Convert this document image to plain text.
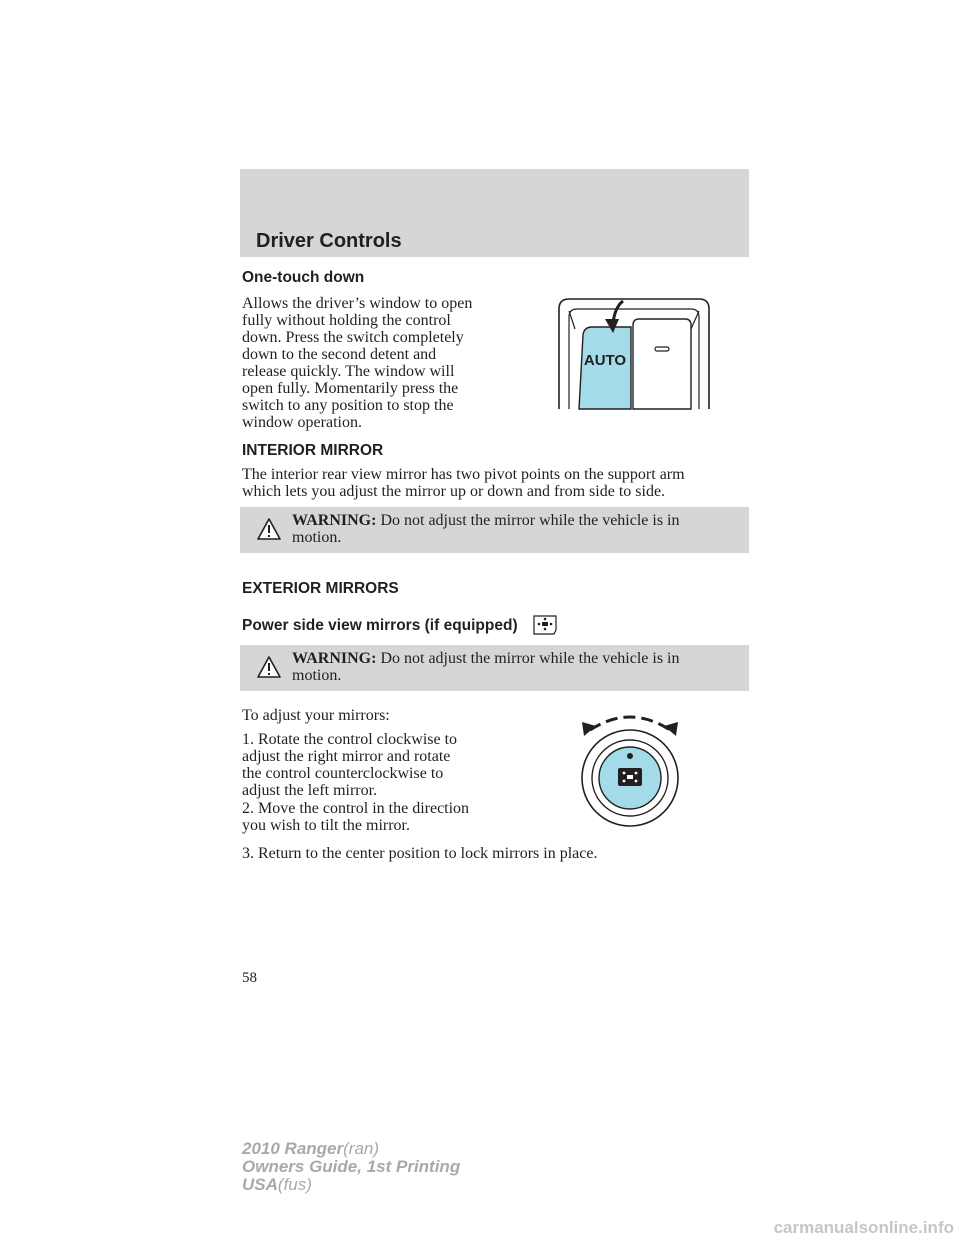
Driver Controls
One-touch down
Allows the driver’s window to open
fully without holding the control
down. Press the switch completely
down to the second detent and
release quickly. The window will
open fully. Momentarily press the
switch to any position to stop the
window operation.
AUTO
INTERIOR MIRROR
The interior rear view mirror has two pivot points on the support arm
which lets you adjust the mirror up or down and from side to side.
WARNING: Do not adjust the mirror while the vehicle is in
motion.
EXTERIOR MIRRORS
Power side view mirrors (if equipped)
WARNING: Do not adjust the mirror while the vehicle is in
motion.
To adjust your mirrors:
1. Rotate the control clockwise to
adjust the right mirror and rotate
the control counterclockwise to
adjust the left mirror.
2. Move the control in the direction
you wish to tilt the mirror.
3. Return to the center position to lock mirrors in place.
58
2010 Ranger(ran)
Owners Guide, 1st Printing
USA(fus)
carmanualsonline.info
